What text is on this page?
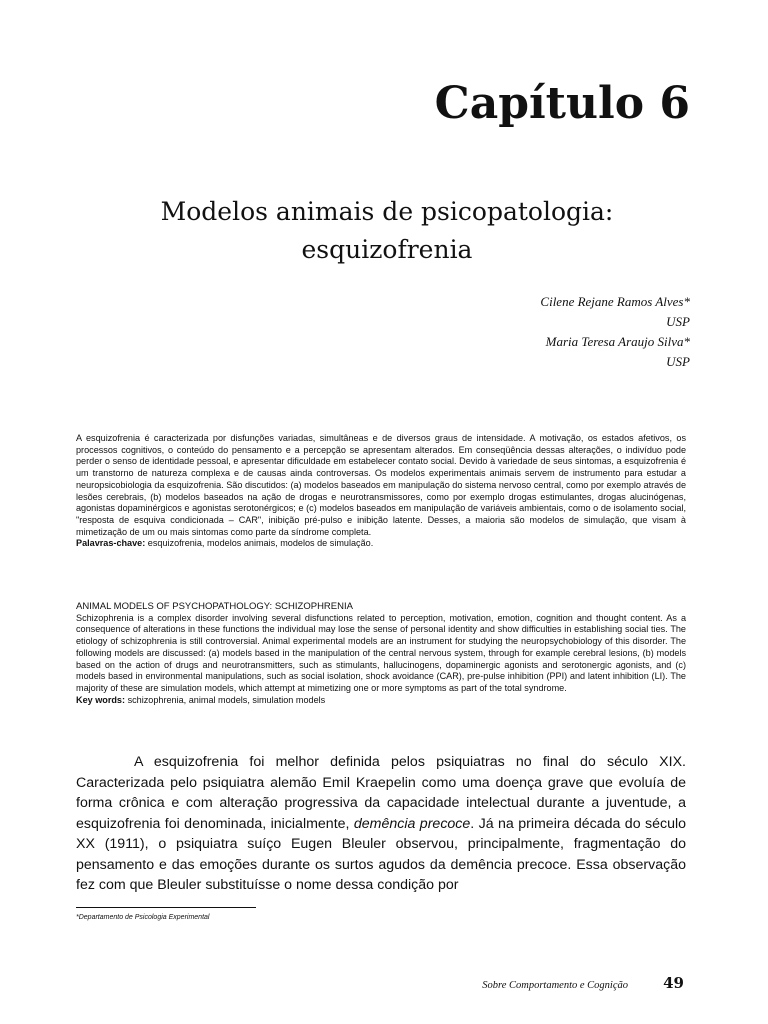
Capítulo 6
Modelos animais de psicopatologia:
esquizofrenia
Cilene Rejane Ramos Alves*
USP
Maria Teresa Araujo Silva*
USP

A esquizofrenia é caracterizada por disfunções variadas, simultâneas e de diversos graus de intensidade. A motivação, os estados afetivos, os processos cognitivos, o conteúdo do pensamento e a percepção se apresentam alterados. Em conseqüência dessas alterações, o indivíduo pode perder o senso de identidade pessoal, e apresentar dificuldade em estabelecer contato social. Devido à variedade de seus sintomas, a esquizofrenia é um transtorno de natureza complexa e de causas ainda controversas. Os modelos experimentais animais servem de instrumento para estudar a neuropsicobiologia da esquizofrenia. São discutidos: (a) modelos baseados em manipulação do sistema nervoso central, como por exemplo através de lesões cerebrais, (b) modelos baseados na ação de drogas e neurotransmissores, como por exemplo drogas estimulantes, drogas alucinógenas, agonistas dopaminérgicos e agonistas serotonérgicos; e (c) modelos baseados em manipulação de variáveis ambientais, como o de isolamento social, "resposta de esquiva condicionada – CAR", inibição pré-pulso e inibição latente. Desses, a maioria são modelos de simulação, que visam à mimetização de um ou mais sintomas como parte da síndrome completa.

Palavras-chave: esquizofrenia, modelos animais, modelos de simulação.

ANIMAL MODELS OF PSYCHOPATHOLOGY: SCHIZOPHRENIA

Schizophrenia is a complex disorder involving several disfunctions related to perception, motivation, emotion, cognition and thought content. As a consequence of alterations in these functions the individual may lose the sense of personal identity and show difficulties in establishing social ties. The etiology of schizophrenia is still controversial. Animal experimental models are an instrument for studying the neuropsychobiology of this disorder. The following models are discussed: (a) models based in the manipulation of the central nervous system, through for example cerebral lesions, (b) models based on the action of drugs and neurotransmitters, such as stimulants, hallucinogens, dopaminergic agonists and serotonergic agonists, and (c) models based in environmental manipulations, such as social isolation, shock avoidance (CAR), pre-pulse inhibition (PPI) and latent inhibition (LI). The majority of these are simulation models, which attempt at mimetizing one or more symptoms as part of the total syndrome.

Key words: schizophrenia, animal models, simulation models

A esquizofrenia foi melhor definida pelos psiquiatras no final do século XIX. Caracterizada pelo psiquiatra alemão Emil Kraepelin como uma doença grave que evoluía de forma crônica e com alteração progressiva da capacidade intelectual durante a juventude, a esquizofrenia foi denominada, inicialmente, demência precoce. Já na primeira década do século XX (1911), o psiquiatra suíço Eugen Bleuler observou, principalmente, fragmentação do pensamento e das emoções durante os surtos agudos da demência precoce. Essa observação fez com que Bleuler substituísse o nome dessa condição por

*Departamento de Psicologia Experimental
Sobre Comportamento e Cognição 49
